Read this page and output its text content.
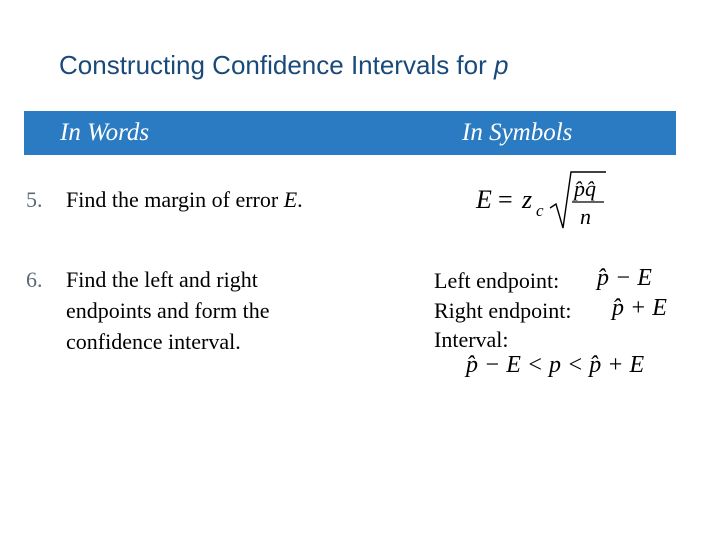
Constructing Confidence Intervals for p
In Words	In Symbols
5. Find the margin of error E.
6. Find the left and right
endpoints and form the
confidence interval.
E = z c
p̂q̂
n
Left endpoint: p̂ − E
Right endpoint: p̂ + E
Interval:
p̂ − E < p < p̂ + E
